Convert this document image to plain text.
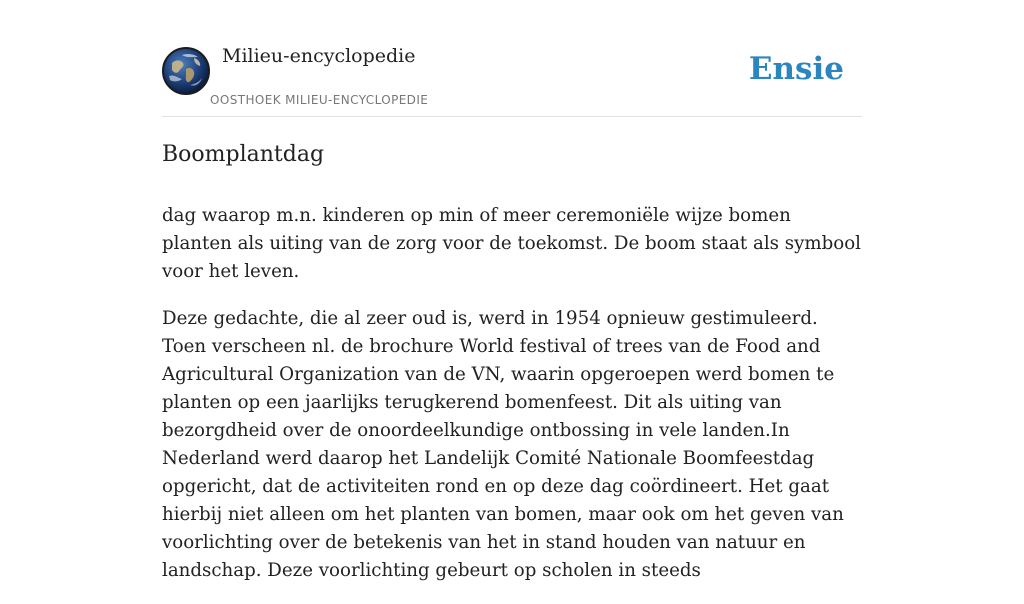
Milieu-encyclopedie
OOSTHOEK MILIEU-ENCYCLOPEDIE
Ensie
Boomplantdag

dag waarop m.n. kinderen op min of meer ceremoniële wijze bomen planten als uiting van de zorg voor de toekomst. De boom staat als symbool voor het leven.

Deze gedachte, die al zeer oud is, werd in 1954 opnieuw gestimuleerd. Toen verscheen nl. de brochure World festival of trees van de Food and Agricultural Organization van de VN, waarin opgeroepen werd bomen te planten op een jaarlijks terugkerend bomenfeest. Dit als uiting van bezorgdheid over de onoordeelkundige ontbossing in vele landen.In Nederland werd daarop het Landelijk Comité Nationale Boomfeestdag opgericht, dat de activiteiten rond en op deze dag coördineert. Het gaat hierbij niet alleen om het planten van bomen, maar ook om het geven van voorlichting over de betekenis van het in stand houden van natuur en landschap. Deze voorlichting gebeurt op scholen in steeds
